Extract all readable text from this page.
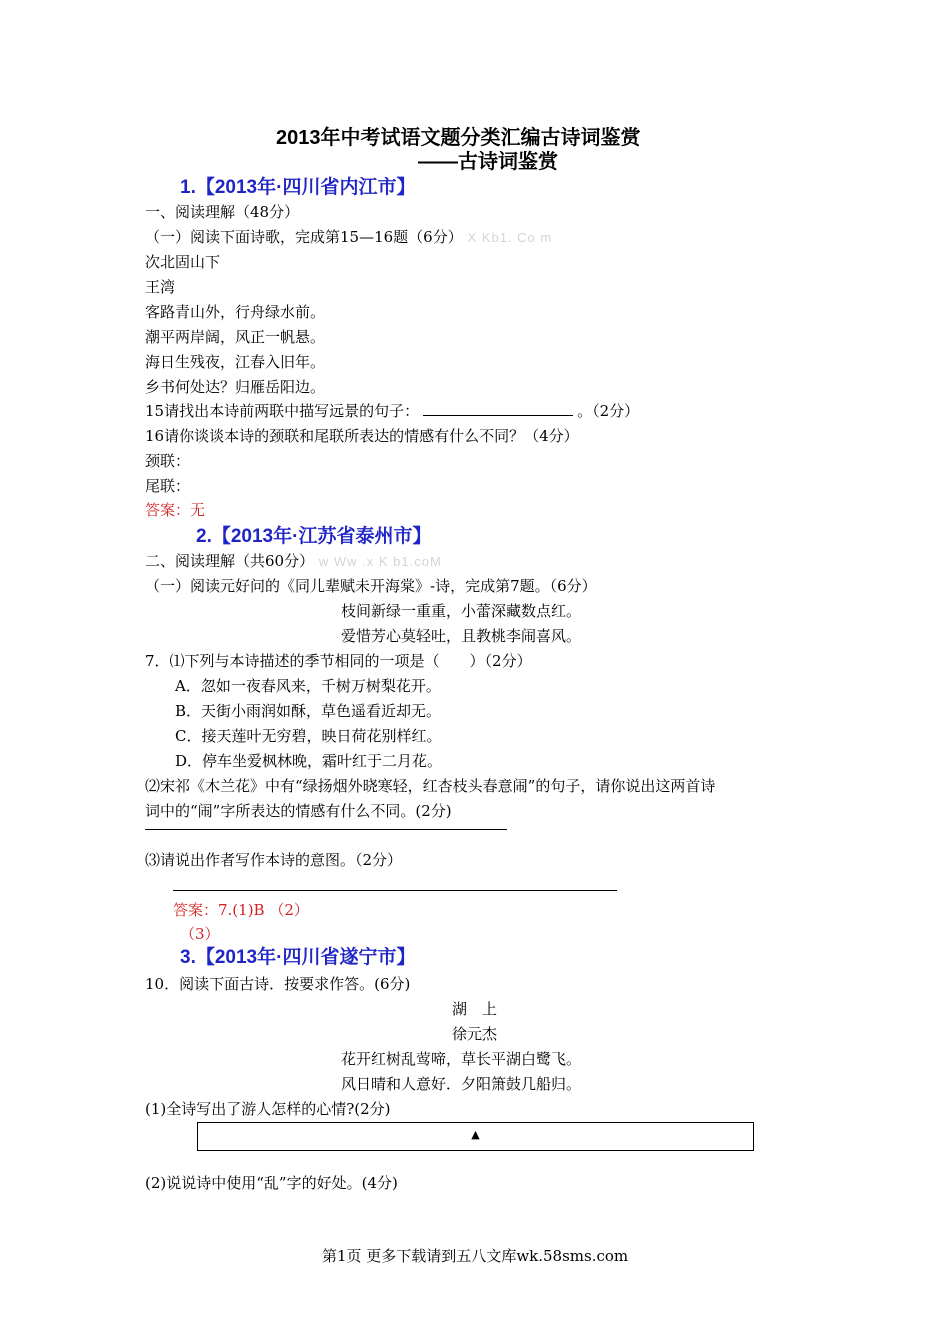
2013年中考试语文题分类汇编古诗词鉴赏
——古诗词鉴赏
1.【2013年·四川省内江市】
一、阅读理解（48分）
（一）阅读下面诗歌，完成第15—16题（6分） X Kb1. Co m
次北固山下
王湾
客路青山外，行舟绿水前。
潮平两岸阔，风正一帆悬。
海日生残夜，江春入旧年。
乡书何处达？归雁岳阳边。
15请找出本诗前两联中描写远景的句子：	。（2分）
16请你谈谈本诗的颈联和尾联所表达的情感有什么不同？（4分）
颈联：
尾联：
答案：无
2.【2013年·江苏省泰州市】
二、阅读理解（共60分） w Ww .x K b1.coM
（一）阅读元好问的《同儿辈赋未开海棠》-诗，完成第7题。（6分）
枝间新绿一重重，小蕾深藏数点红。
爱惜芳心莫轻吐，且教桃李闹喜风。
7．⑴下列与本诗描述的季节相同的一项是（　　）（2分）
A．忽如一夜春风来，千树万树梨花开。
B．天街小雨润如酥，草色遥看近却无。
C．接天莲叶无穷碧，映日荷花别样红。
D．停车坐爱枫林晚，霜叶红于二月花。
⑵宋祁《木兰花》中有“绿扬烟外晓寒轻，红杏枝头春意闹”的句子，请你说出这两首诗
词中的“闹”字所表达的情感有什么不同。(2分)
⑶请说出作者写作本诗的意图。（2分）
答案：7.(1)B （2）
（3）
3.【2013年·四川省遂宁市】
10．阅读下面古诗．按要求作答。(6分)
湖　上
徐元杰
花开红树乱莺啼，草长平湖白鹭飞。
风日晴和人意好．夕阳箫鼓几船归。
(1)全诗写出了游人怎样的心情?(2分)
▲
(2)说说诗中使用“乱”字的好处。(4分)
第1页 更多下载请到五八文库wk.58sms.com
